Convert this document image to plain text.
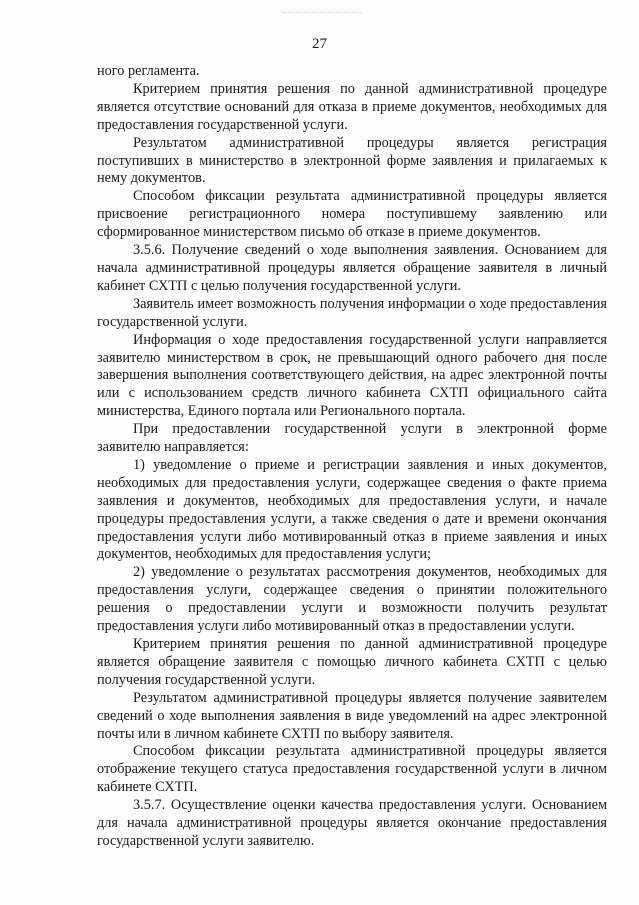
27

ного регламента.

Критерием принятия решения по данной административной процедуре является отсутствие оснований для отказа в приеме документов, необходимых для предоставления государственной услуги.

Результатом административной процедуры является регистрация поступивших в министерство в электронной форме заявления и прилагаемых к нему документов.

Способом фиксации результата административной процедуры является присвоение регистрационного номера поступившему заявлению или сформированное министерством письмо об отказе в приеме документов.

3.5.6. Получение сведений о ходе выполнения заявления. Основанием для начала административной процедуры является обращение заявителя в личный кабинет СХТП с целью получения государственной услуги.

Заявитель имеет возможность получения информации о ходе предоставления государственной услуги.

Информация о ходе предоставления государственной услуги направляется заявителю министерством в срок, не превышающий одного рабочего дня после завершения выполнения соответствующего действия, на адрес электронной почты или с использованием средств личного кабинета СХТП официального сайта министерства, Единого портала или Регионального портала.

При предоставлении государственной услуги в электронной форме заявителю направляется:

1) уведомление о приеме и регистрации заявления и иных документов, необходимых для предоставления услуги, содержащее сведения о факте приема заявления и документов, необходимых для предоставления услуги, и начале процедуры предоставления услуги, а также сведения о дате и времени окончания предоставления услуги либо мотивированный отказ в приеме заявления и иных документов, необходимых для предоставления услуги;

2) уведомление о результатах рассмотрения документов, необходимых для предоставления услуги, содержащее сведения о принятии положительного решения о предоставлении услуги и возможности получить результат предоставления услуги либо мотивированный отказ в предоставлении услуги.

Критерием принятия решения по данной административной процедуре является обращение заявителя с помощью личного кабинета СХТП с целью получения государственной услуги.

Результатом административной процедуры является получение заявителем сведений о ходе выполнения заявления в виде уведомлений на адрес электронной почты или в личном кабинете СХТП по выбору заявителя.

Способом фиксации результата административной процедуры является отображение текущего статуса предоставления государственной услуги в личном кабинете СХТП.

3.5.7. Осуществление оценки качества предоставления услуги. Основанием для начала административной процедуры является окончание предоставления государственной услуги заявителю.
